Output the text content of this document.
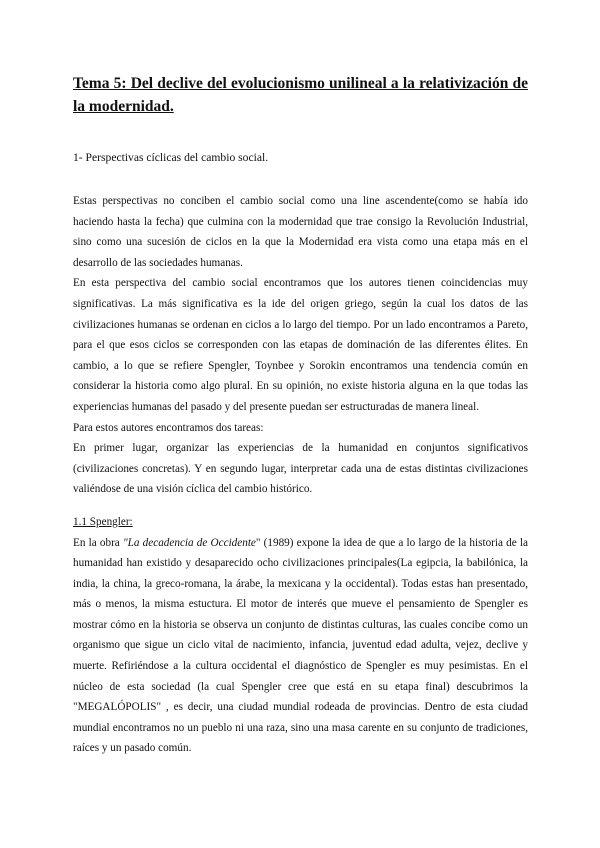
Tema 5: Del declive del evolucionismo unilineal a la relativización de la modernidad.

1- Perspectivas cíclicas del cambio social.

Estas perspectivas no conciben el cambio social como una line ascendente(como se había ido haciendo hasta la fecha) que culmina con la modernidad que trae consigo la Revolución Industrial, sino como una sucesión de ciclos en la que la Modernidad era vista como una etapa más en el desarrollo de las sociedades humanas.

En esta perspectiva del cambio social encontramos que los autores tienen coincidencias muy significativas. La más significativa es la ide del origen griego, según la cual los datos de las civilizaciones humanas se ordenan en ciclos a lo largo del tiempo. Por un lado encontramos a Pareto, para el que esos ciclos se corresponden con las etapas de dominación de las diferentes élites. En cambio, a lo que se refiere Spengler, Toynbee y Sorokin encontramos una tendencia común en considerar la historia como algo plural. En su opinión, no existe historia alguna en la que todas las experiencias humanas del pasado y del presente puedan ser estructuradas de manera lineal.

Para estos autores encontramos dos tareas:

En primer lugar, organizar las experiencias de la humanidad en conjuntos significativos (civilizaciones concretas). Y en segundo lugar, interpretar cada una de estas distintas civilizaciones valiéndose de una visión cíclica del cambio histórico.

1.1 Spengler:

En la obra "La decadencia de Occidente" (1989) expone la idea de que a lo largo de la historia de la humanidad han existido y desaparecido ocho civilizaciones principales(La egipcia, la babilónica, la india, la china, la greco-romana, la árabe, la mexicana y la occidental). Todas estas han presentado, más o menos, la misma estuctura. El motor de interés que mueve el pensamiento de Spengler es mostrar cómo en la historia se observa un conjunto de distintas culturas, las cuales concibe como un organismo que sigue un ciclo vital de nacimiento, infancia, juventud edad adulta, vejez, declive y muerte. Refiriéndose a la cultura occidental el diagnóstico de Spengler es muy pesimistas. En el núcleo de esta sociedad (la cual Spengler cree que está en su etapa final) descubrimos la "MEGALÓPOLIS" , es decir, una ciudad mundial rodeada de provincias. Dentro de esta ciudad mundial encontramos no un pueblo ni una raza, sino una masa carente en su conjunto de tradiciones, raíces y un pasado común.
